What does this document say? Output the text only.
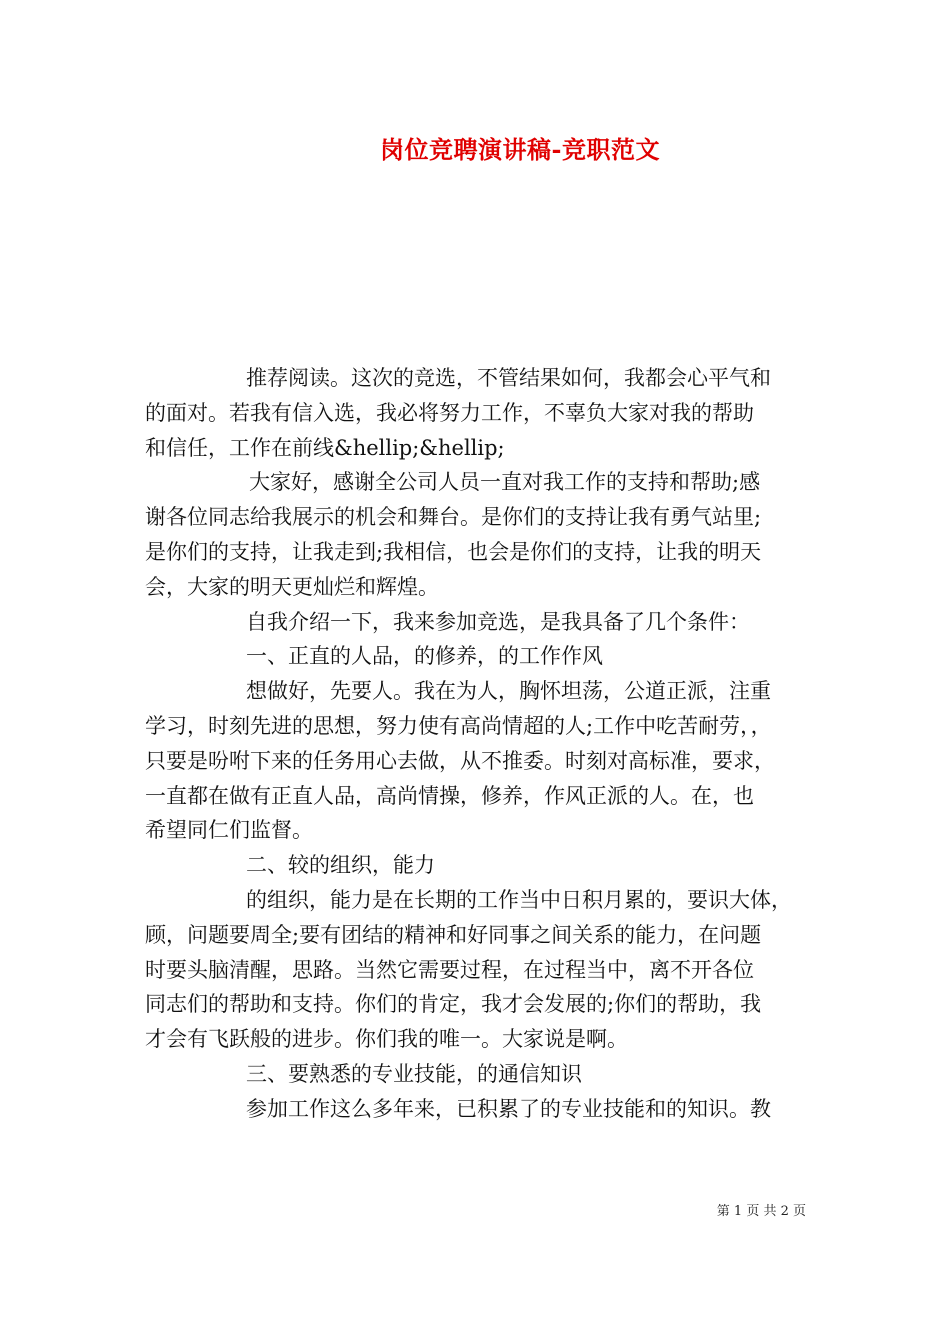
岗位竞聘演讲稿-竞职范文
推荐阅读。这次的竞选，不管结果如何，我都会心平气和
的面对。若我有信入选，我必将努力工作，不辜负大家对我的帮助
和信任，工作在前线&hellip;&hellip;
大家好，感谢全公司人员一直对我工作的支持和帮助;感
谢各位同志给我展示的机会和舞台。是你们的支持让我有勇气站里;
是你们的支持，让我走到;我相信，也会是你们的支持，让我的明天
会，大家的明天更灿烂和辉煌。
自我介绍一下，我来参加竞选，是我具备了几个条件：
一、正直的人品，的修养，的工作作风
想做好，先要人。我在为人，胸怀坦荡，公道正派，注重
学习，时刻先进的思想，努力使有高尚情超的人;工作中吃苦耐劳，，
只要是吩咐下来的任务用心去做，从不推委。时刻对高标准，要求，
一直都在做有正直人品，高尚情操，修养，作风正派的人。在，也
希望同仁们监督。
二、较的组织，能力
的组织，能力是在长期的工作当中日积月累的，要识大体，
顾，问题要周全;要有团结的精神和好同事之间关系的能力，在问题
时要头脑清醒，思路。当然它需要过程，在过程当中，离不开各位
同志们的帮助和支持。你们的肯定，我才会发展的;你们的帮助，我
才会有飞跃般的进步。你们我的唯一。大家说是啊。
三、要熟悉的专业技能，的通信知识
参加工作这么多年来，已积累了的专业技能和的知识。教
第 1 页 共 2 页
